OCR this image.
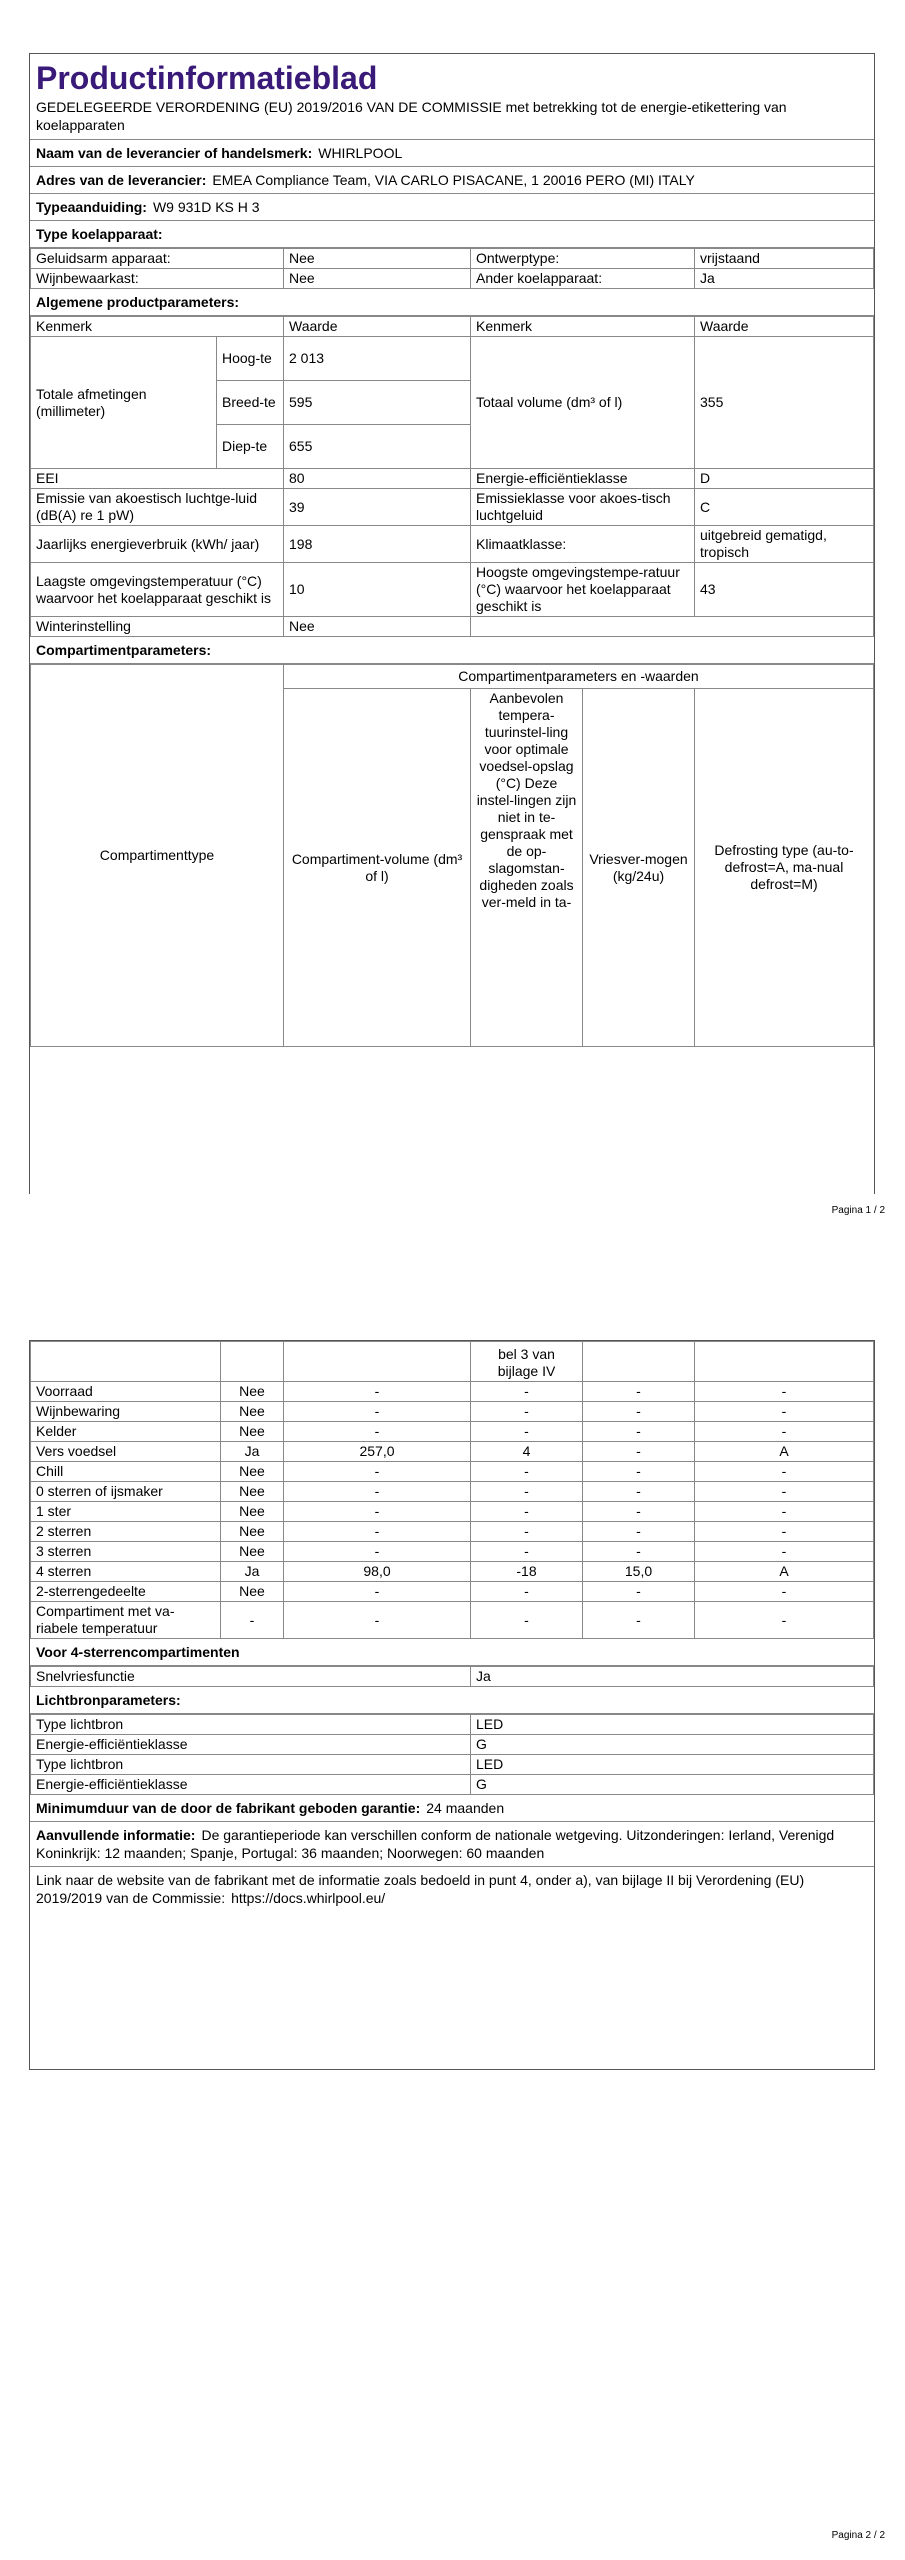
Productinformatieblad

GEDELEGEERDE VERORDENING (EU) 2019/2016 VAN DE COMMISSIE met betrekking tot de energie-etikettering van koelapparaten

Naam van de leverancier of handelsmerk: WHIRLPOOL
Adres van de leverancier: EMEA Compliance Team, VIA CARLO PISACANE, 1 20016 PERO (MI) ITALY
Typeaanduiding: W9 931D KS H 3
Type koelapparaat:
Geluidsarm apparaat:	Nee	Ontwerptype:	vrijstaand
Wijnbewaarkast:	Nee	Ander koelapparaat:	Ja
Algemene productparameters:
Kenmerk		Waarde	Kenmerk	Waarde
Totale afmetingen (millimeter)	Hoog-te	2 013	Totaal volume (dm³ of l)	355
	Breed-te	595		
	Diep-te	655		
EEI		80	Energie-efficiëntieklasse	D
Emissie van akoestisch luchtge-luid (dB(A) re 1 pW)		39	Emissieklasse voor akoes-tisch luchtgeluid	C
Jaarlijks energieverbruik (kWh/ jaar)		198	Klimaatklasse:	uitgebreid gematigd, tropisch
Laagste omgevingstemperatuur (°C) waarvoor het koelapparaat geschikt is		10	Hoogste omgevingstempe-ratuur (°C) waarvoor het koelapparaat geschikt is	43
Winterinstelling		Nee		
Compartimentparameters:
Compartimenttype	Compartimentparameters en -waarden			
	Compartiment-volume (dm³ of l)	Aanbevolen tempera-tuurinstel-ling voor optimale voedsel-opslag (°C) Deze instel-lingen zijn niet in te-genspraak met de op-slagomstan-digheden zoals ver-meld in ta-	Vriesver-mogen (kg/24u)	Defrosting type (au-to-defrost=A, ma-nual defrost=M)
Pagina 1 / 2
			bel 3 van bijlage IV		
Voorraad	Nee	-	-	-	-
Wijnbewaring	Nee	-	-	-	-
Kelder	Nee	-	-	-	-
Vers voedsel	Ja	257,0	4	-	A
Chill	Nee	-	-	-	-
0 sterren of ijsmaker	Nee	-	-	-	-
1 ster	Nee	-	-	-	-
2 sterren	Nee	-	-	-	-
3 sterren	Nee	-	-	-	-
4 sterren	Ja	98,0	-18	15,0	A
2-sterrengedeelte	Nee	-	-	-	-
Compartiment met va-riabele temperatuur	-	-	-	-	-
Voor 4-sterrencompartimenten
Snelvriesfunctie	Ja
Lichtbronparameters:
Type lichtbron	LED
Energie-efficiëntieklasse	G
Type lichtbron	LED
Energie-efficiëntieklasse	G
Minimumduur van de door de fabrikant geboden garantie: 24 maanden
Aanvullende informatie: De garantieperiode kan verschillen conform de nationale wetgeving. Uitzonderingen: Ierland, Verenigd Koninkrijk: 12 maanden; Spanje, Portugal: 36 maanden; Noorwegen: 60 maanden
Link naar de website van de fabrikant met de informatie zoals bedoeld in punt 4, onder a), van bijlage II bij Verordening (EU) 2019/2019 van de Commissie: https://docs.whirlpool.eu/
Pagina 2 / 2
